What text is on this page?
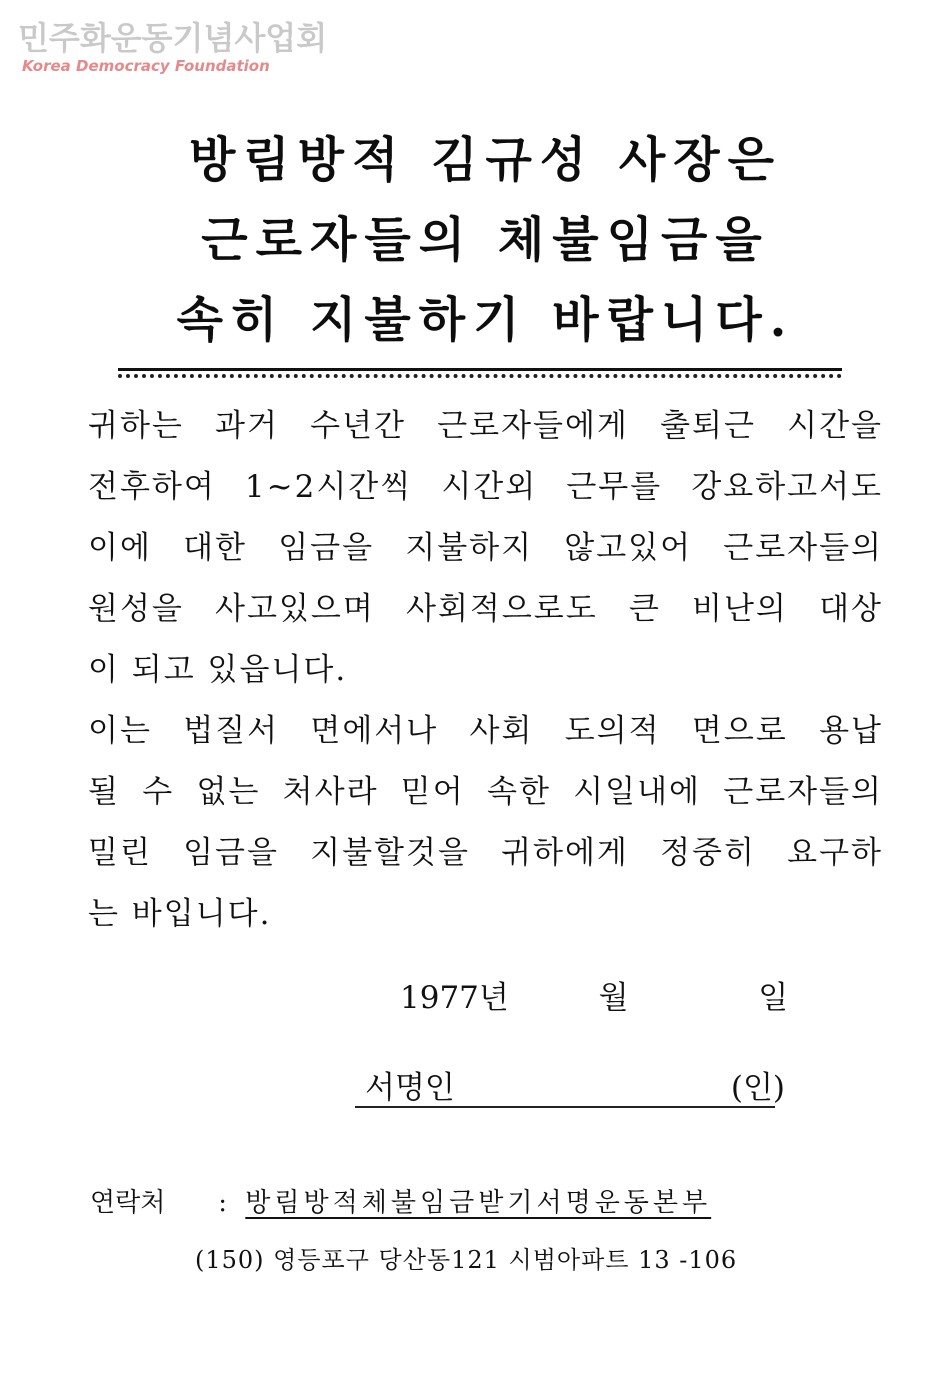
민주화운동기념사업회
Korea Democracy Foundation
방림방적 김규성 사장은
근로자들의 체불임금을
속히 지불하기 바랍니다.
귀하는 과거 수년간 근로자들에게 출퇴근 시간을
전후하여 1~2시간씩 시간외 근무를 강요하고서도
이에 대한 임금을 지불하지 않고있어 근로자들의
원성을 사고있으며 사회적으로도 큰 비난의 대상
이 되고 있읍니다.
이는 법질서 면에서나 사회 도의적 면으로 용납
될 수 없는 처사라 믿어 속한 시일내에 근로자들의
밀린 임금을 지불할것을 귀하에게 정중히 요구하
는 바입니다.
1977년	월	일
서명인	(인)
연락처 : 방림방적체불임금받기서명운동본부
(150) 영등포구 당산동121 시범아파트 13 -106
